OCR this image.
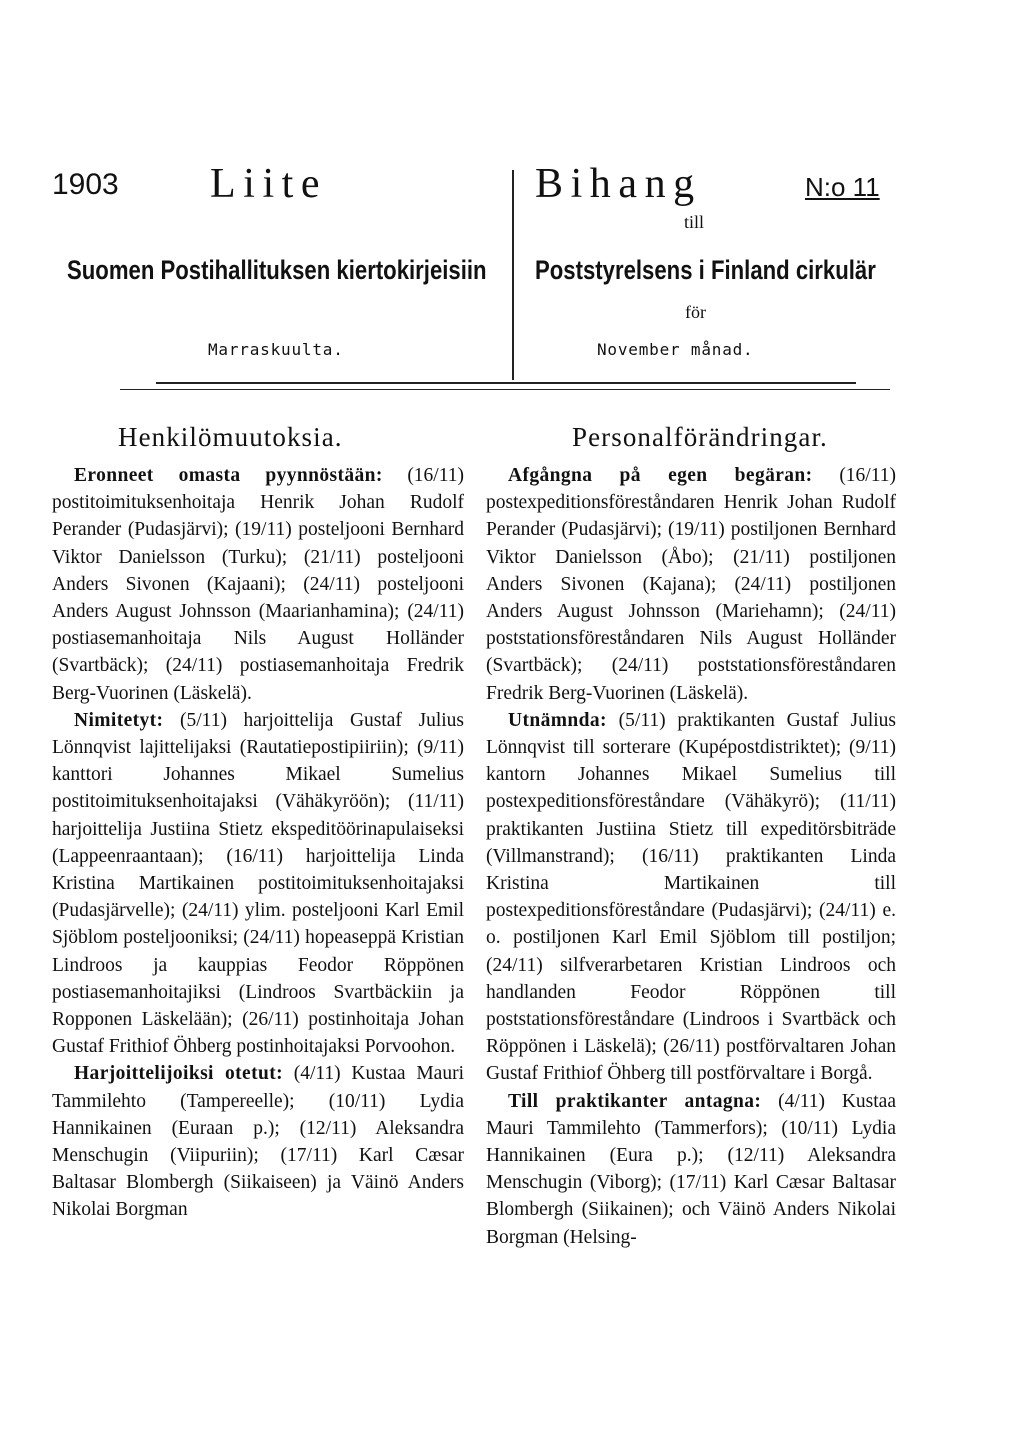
1903 Liite	Bihang	N:o 11
till
Suomen Postihallituksen kiertokirjeisiin Poststyrelsens i Finland cirkulär
för
Marraskuulta.	November månad.
Henkilömuutoksia.	Personalförändringar.

Eronneet omasta pyynnöstään: (16/11) postitoimituksenhoitaja Henrik Johan Rudolf Perander (Pudasjärvi); (19/11) posteljooni Bernhard Viktor Danielsson (Turku); (21/11) posteljooni Anders Sivonen (Kajaani); (24/11) posteljooni Anders August Johnsson (Maarianhamina); (24/11) postiasemanhoitaja Nils August Holländer (Svartbäck); (24/11) postiasemanhoitaja Fredrik Berg-Vuorinen (Läskelä).

Nimitetyt: (5/11) harjoittelija Gustaf Julius Lönnqvist lajittelijaksi (Rautatiepostipiiriin); (9/11) kanttori Johannes Mikael Sumelius postitoimituksenhoitajaksi (Vähäkyröön); (11/11) harjoittelija Justiina Stietz ekspeditöörinapulaiseksi (Lappeenraantaan); (16/11) harjoittelija Linda Kristina Martikainen postitoimituksenhoitajaksi (Pudasjärvelle); (24/11) ylim. posteljooni Karl Emil Sjöblom posteljooniksi; (24/11) hopeaseppä Kristian Lindroos ja kauppias Feodor Röppönen postiasemanhoitajiksi (Lindroos Svartbäckiin ja Ropponen Läskelään); (26/11) postinhoitaja Johan Gustaf Frithiof Öhberg postinhoitajaksi Porvoohon.

Harjoittelijoiksi otetut: (4/11) Kustaa Mauri Tammilehto (Tampereelle); (10/11) Lydia Hannikainen (Euraan p.); (12/11) Aleksandra Menschugin (Viipuriin); (17/11) Karl Cæsar Baltasar Blombergh (Siikaiseen) ja Väinö Anders Nikolai Borgman

Afgångna på egen begäran: (16/11) postexpeditionsföreståndaren Henrik Johan Rudolf Perander (Pudasjärvi); (19/11) postiljonen Bernhard Viktor Danielsson (Åbo); (21/11) postiljonen Anders Sivonen (Kajana); (24/11) postiljonen Anders August Johnsson (Mariehamn); (24/11) poststationsföreståndaren Nils August Holländer (Svartbäck); (24/11) poststationsföreståndaren Fredrik Berg-Vuorinen (Läskelä).

Utnämnda: (5/11) praktikanten Gustaf Julius Lönnqvist till sorterare (Kupépostdistriktet); (9/11) kantorn Johannes Mikael Sumelius till postexpeditionsföreståndare (Vähäkyrö); (11/11) praktikanten Justiina Stietz till expeditörsbiträde (Villmanstrand); (16/11) praktikanten Linda Kristina Martikainen till postexpeditionsföreståndare (Pudasjärvi); (24/11) e. o. postiljonen Karl Emil Sjöblom till postiljon; (24/11) silfverarbetaren Kristian Lindroos och handlanden Feodor Röppönen till poststationsföreståndare (Lindroos i Svartbäck och Röppönen i Läskelä); (26/11) postförvaltaren Johan Gustaf Frithiof Öhberg till postförvaltare i Borgå.

Till praktikanter antagna: (4/11) Kustaa Mauri Tammilehto (Tammerfors); (10/11) Lydia Hannikainen (Eura p.); (12/11) Aleksandra Menschugin (Viborg); (17/11) Karl Cæsar Baltasar Blombergh (Siikainen); och Väinö Anders Nikolai Borgman (Helsing-
